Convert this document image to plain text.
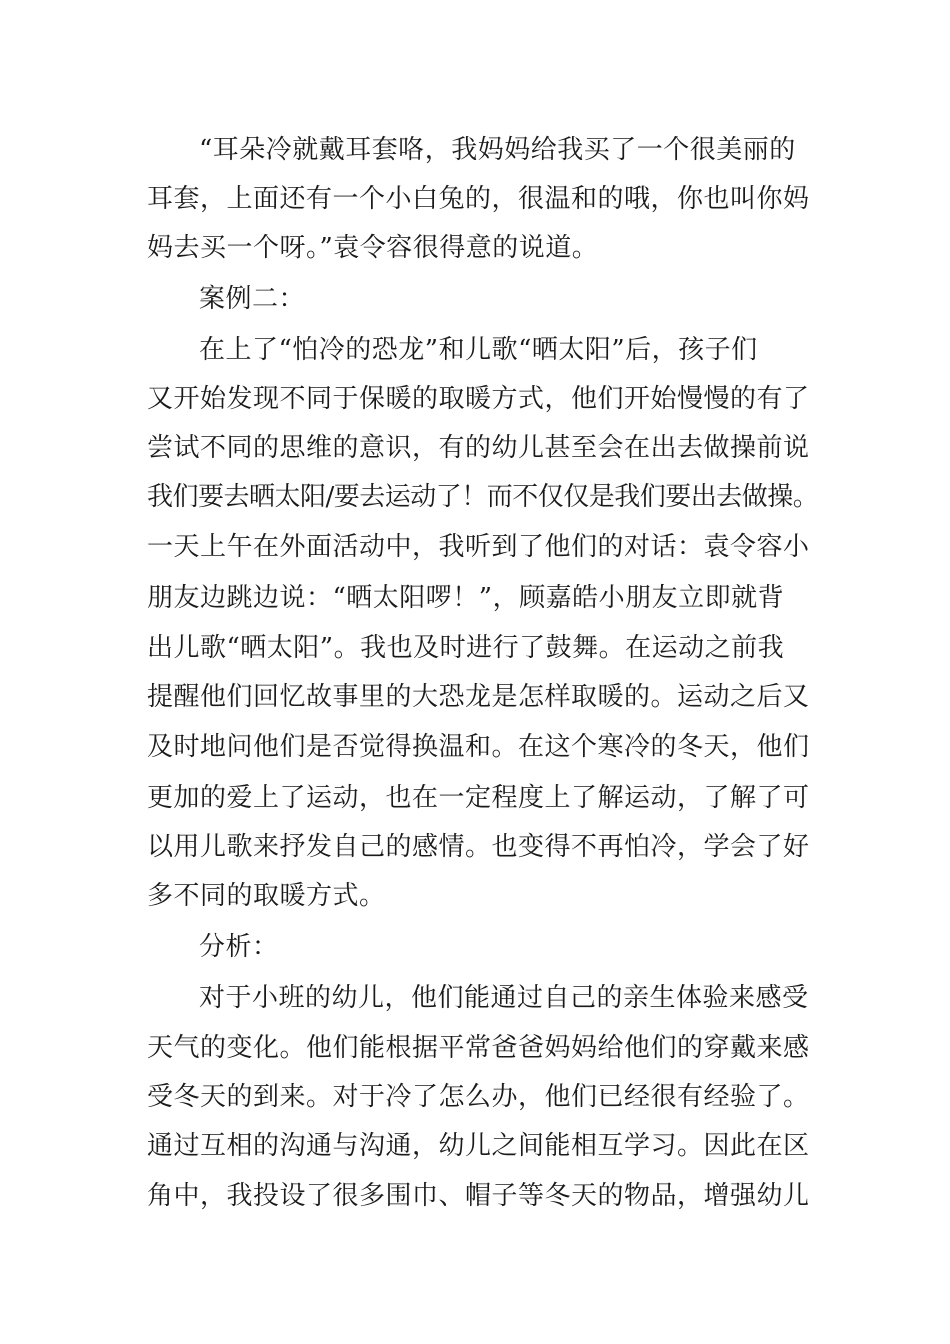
“耳朵冷就戴耳套咯，我妈妈给我买了一个很美丽的
耳套，上面还有一个小白兔的，很温和的哦，你也叫你妈
妈去买一个呀。”袁令容很得意的说道。
案例二：
在上了“怕冷的恐龙”和儿歌“晒太阳”后，孩子们
又开始发现不同于保暖的取暖方式，他们开始慢慢的有了
尝试不同的思维的意识，有的幼儿甚至会在出去做操前说
我们要去晒太阳/要去运动了！而不仅仅是我们要出去做操。
一天上午在外面活动中，我听到了他们的对话：袁令容小
朋友边跳边说：“晒太阳啰！”，顾嘉皓小朋友立即就背
出儿歌“晒太阳”。我也及时进行了鼓舞。在运动之前我
提醒他们回忆故事里的大恐龙是怎样取暖的。运动之后又
及时地问他们是否觉得换温和。在这个寒冷的冬天，他们
更加的爱上了运动，也在一定程度上了解运动，了解了可
以用儿歌来抒发自己的感情。也变得不再怕冷，学会了好
多不同的取暖方式。
分析：
对于小班的幼儿，他们能通过自己的亲生体验来感受
天气的变化。他们能根据平常爸爸妈妈给他们的穿戴来感
受冬天的到来。对于冷了怎么办，他们已经很有经验了。
通过互相的沟通与沟通，幼儿之间能相互学习。因此在区
角中，我投设了很多围巾、帽子等冬天的物品，增强幼儿
